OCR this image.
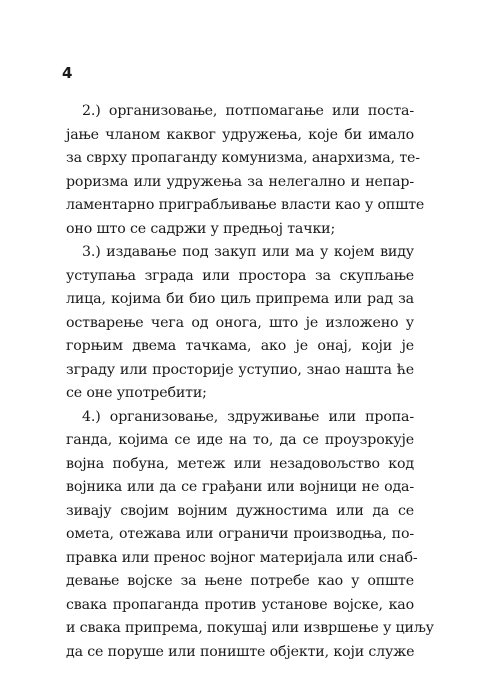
4
2.) организовање, потпомагање или поста-
јање чланом каквог удружења, које би имало
за сврху пропаганду комунизма, анархизма, те-
роризма или удружења за нелегално и непар-
ламентарно приграбљивање власти као у опште
оно што се садржи у предњој тачки;
3.) издавање под закуп или ма у којем виду
уступања зграда или простора за скупљање
лица, којима би био циљ припрема или рад за
остварење чега од онога, што је изложено у
горњим двема тачкама, ако је онај, који је
зграду или просторије уступио, знао нашта ће
се оне употребити;
4.) организовање, здруживање или пропа-
ганда, којима се иде на то, да се проузрокује
војна побуна, метеж или незадовољство код
војника или да се грађани или војници не ода-
зивају својим војним дужностима или да се
омета, отежава или ограничи производња, по-
правка или пренос војног материјала или снаб-
девање војске за њене потребе као у опште
свака пропаганда против установе војске, као
и свака припрема, покушај или извршење у циљу
да се поруше или пониште објекти, који служе
